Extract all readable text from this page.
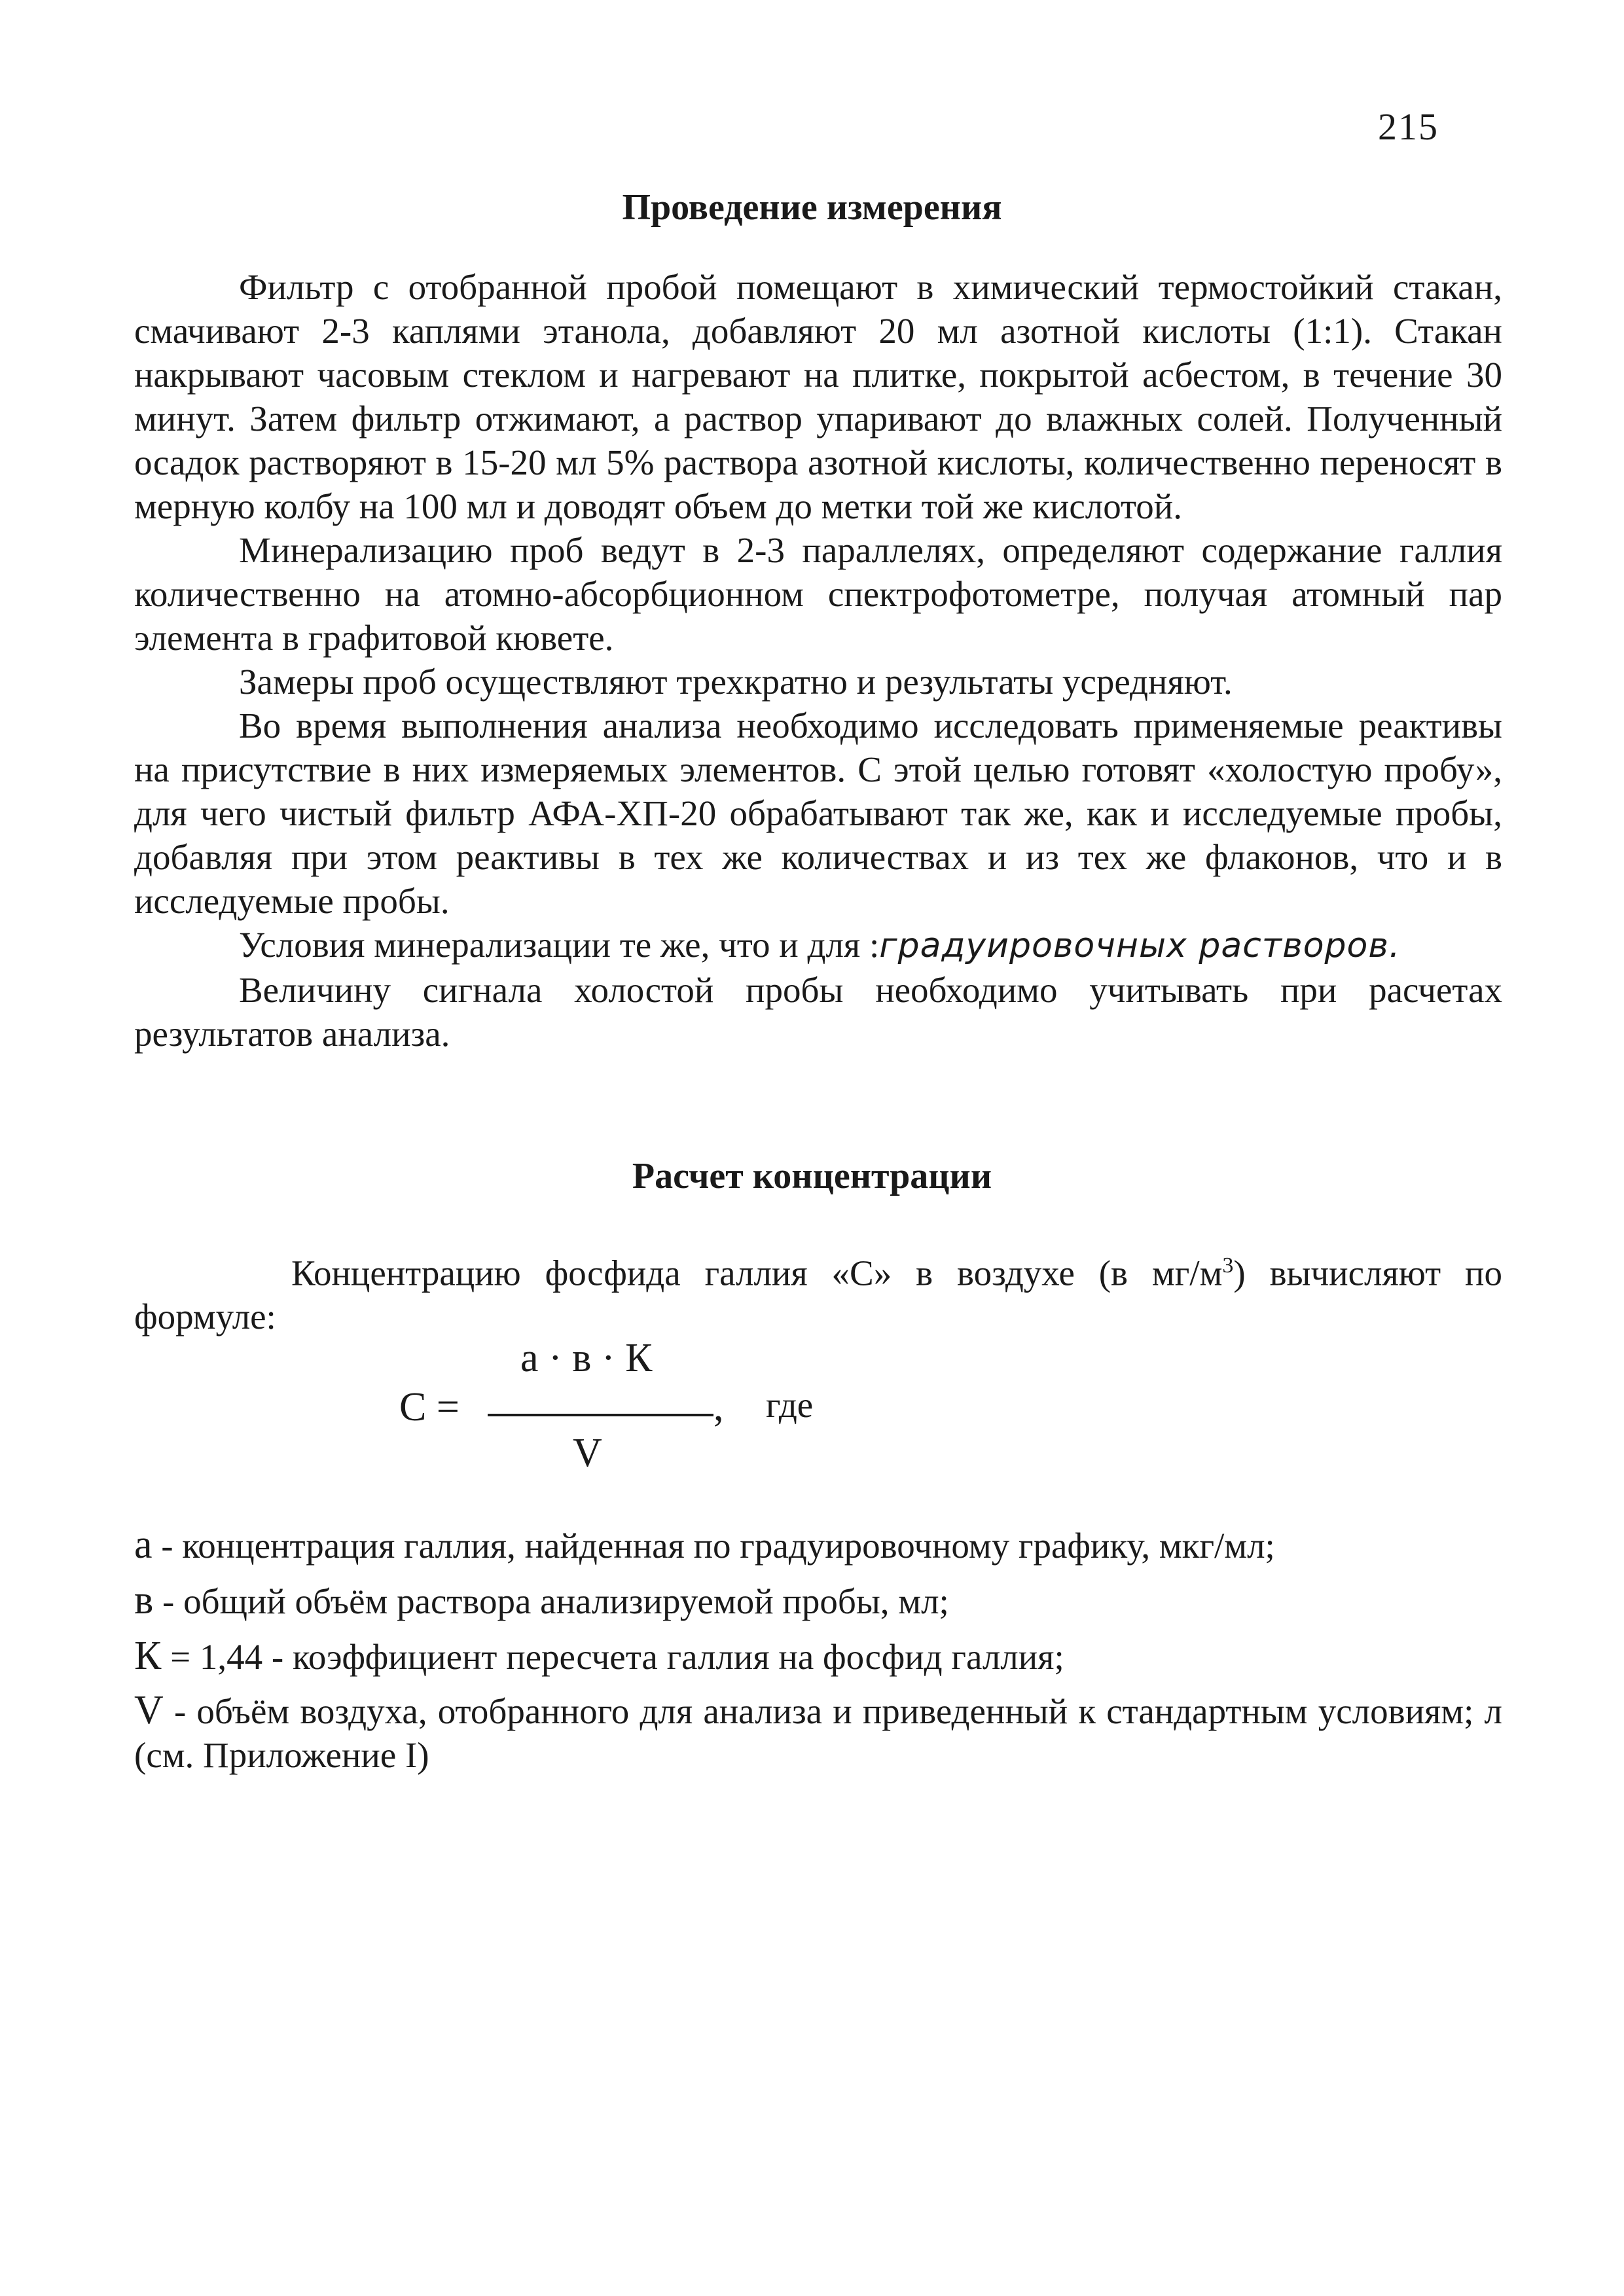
215
Проведение измерения

Фильтр с отобранной пробой помещают в химический термостойкий стакан, смачивают 2-3 каплями этанола, добавляют 20 мл азотной кислоты (1:1). Стакан накрывают часовым стеклом и нагревают на плитке, покрытой асбестом, в течение 30 минут. Затем фильтр отжимают, а раствор упаривают до влажных солей. Полученный осадок растворяют в 15-20 мл 5% раствора азотной кислоты, количественно переносят в мерную колбу на 100 мл и доводят объем до метки той же кислотой.

Минерализацию проб ведут в 2-3 параллелях, определяют содержание галлия количественно на атомно-абсорбционном спектрофотометре, получая атомный пар элемента в графитовой кювете.

Замеры проб осуществляют трехкратно и результаты усредняют.

Во время выполнения анализа необходимо исследовать применяемые реактивы на присутствие в них измеряемых элементов. С этой целью готовят «холостую пробу», для чего чистый фильтр АФА-ХП-20 обрабатывают так же, как и исследуемые пробы, добавляя при этом реактивы в тех же количествах и из тех же флаконов, что и в исследуемые пробы.

Условия минерализации те же, что и для :градуировочных растворов.

Величину сигнала холостой пробы необходимо учитывать при расчетах результатов анализа.

Расчет концентрации

Концентрацию фосфида галлия «С» в воздухе (в $мг/м^3$) вычисляют по формуле:

а · в · К
С =	, где
V

а - концентрация галлия, найденная по градуировочному графику, мкг/мл;

в - общий объём раствора анализируемой пробы, мл;

К = 1,44 - коэффициент пересчета галлия на фосфид галлия;

V - объём воздуха, отобранного для анализа и приведенный к стандартным условиям; л (см. Приложение I)
